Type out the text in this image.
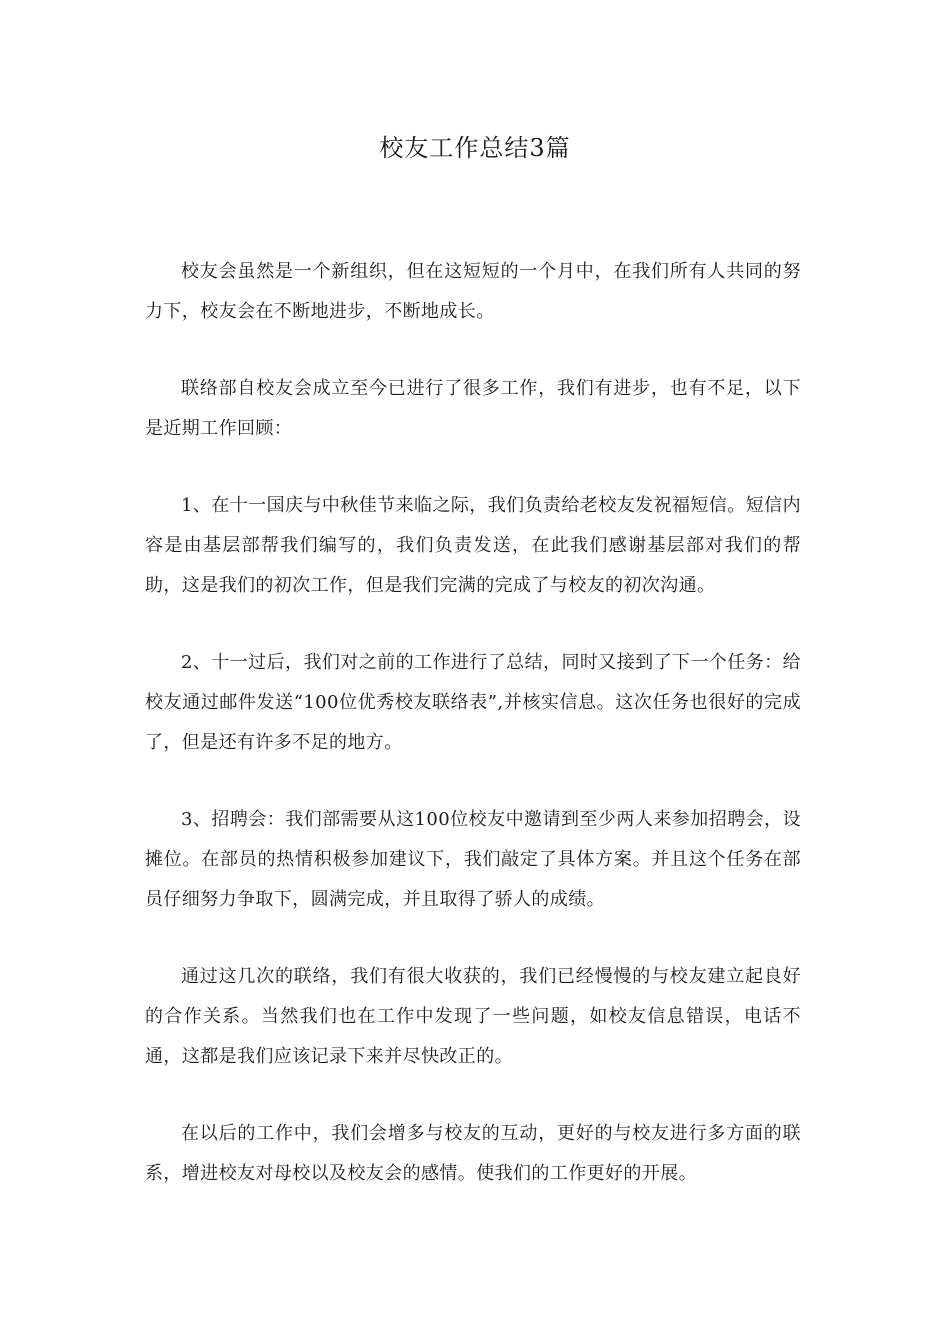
校友工作总结3篇

校友会虽然是一个新组织，但在这短短的一个月中，在我们所有人共同的努力下，校友会在不断地进步，不断地成长。

联络部自校友会成立至今已进行了很多工作，我们有进步，也有不足，以下是近期工作回顾：

1、在十一国庆与中秋佳节来临之际，我们负责给老校友发祝福短信。短信内容是由基层部帮我们编写的，我们负责发送，在此我们感谢基层部对我们的帮助，这是我们的初次工作，但是我们完满的完成了与校友的初次沟通。

2、十一过后，我们对之前的工作进行了总结，同时又接到了下一个任务：给校友通过邮件发送“100位优秀校友联络表”,并核实信息。这次任务也很好的完成了，但是还有许多不足的地方。

3、招聘会：我们部需要从这100位校友中邀请到至少两人来参加招聘会，设摊位。在部员的热情积极参加建议下，我们敲定了具体方案。并且这个任务在部员仔细努力争取下，圆满完成，并且取得了骄人的成绩。

通过这几次的联络，我们有很大收获的，我们已经慢慢的与校友建立起良好的合作关系。当然我们也在工作中发现了一些问题，如校友信息错误，电话不通，这都是我们应该记录下来并尽快改正的。

在以后的工作中，我们会增多与校友的互动，更好的与校友进行多方面的联系，增进校友对母校以及校友会的感情。使我们的工作更好的开展。
